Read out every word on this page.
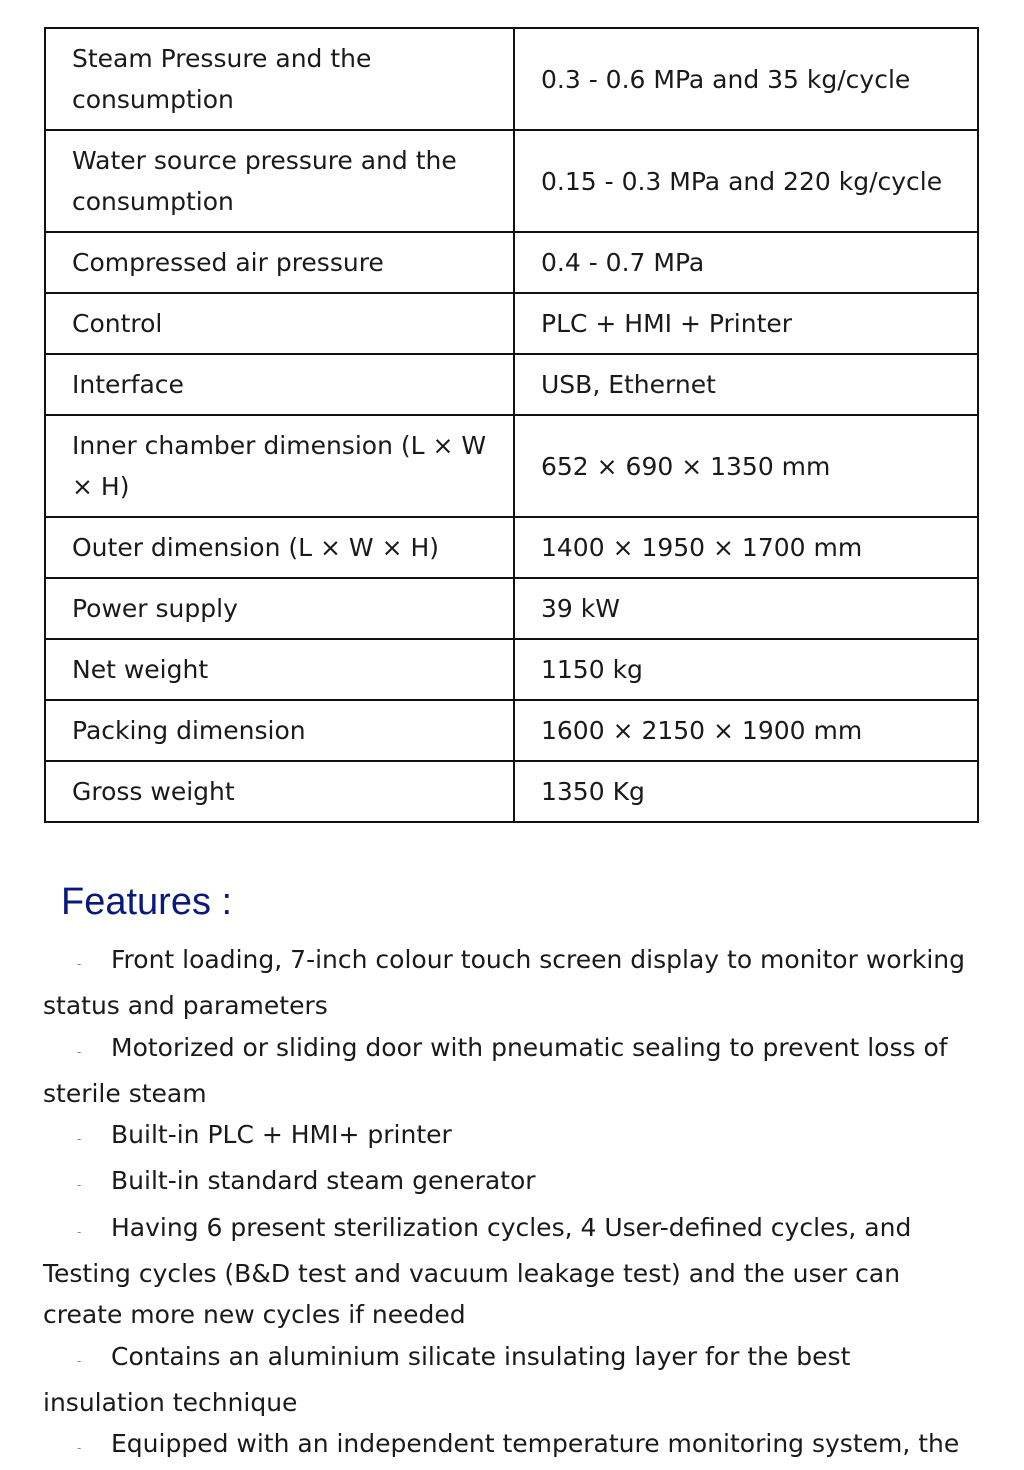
Steam Pressure and the consumption	0.3 - 0.6 MPa and 35 kg/cycle
Water source pressure and the consumption	0.15 - 0.3 MPa and 220 kg/cycle
Compressed air pressure	0.4 - 0.7 MPa
Control	PLC + HMI + Printer
Interface	USB, Ethernet
Inner chamber dimension (L × W × H)	652 × 690 × 1350 mm
Outer dimension (L × W × H)	1400 × 1950 × 1700 mm
Power supply	39 kW
Net weight	1150 kg
Packing dimension	1600 × 2150 × 1900 mm
Gross weight	1350 Kg
Features :
- Front loading, 7-inch colour touch screen display to monitor working status and parameters
- Motorized or sliding door with pneumatic sealing to prevent loss of sterile steam
- Built-in PLC + HMI+ printer
- Built-in standard steam generator
- Having 6 present sterilization cycles, 4 User-defined cycles, and Testing cycles (B&D test and vacuum leakage test) and the user can create more new cycles if needed
- Contains an aluminium silicate insulating layer for the best insulation technique
- Equipped with an independent temperature monitoring system, the
